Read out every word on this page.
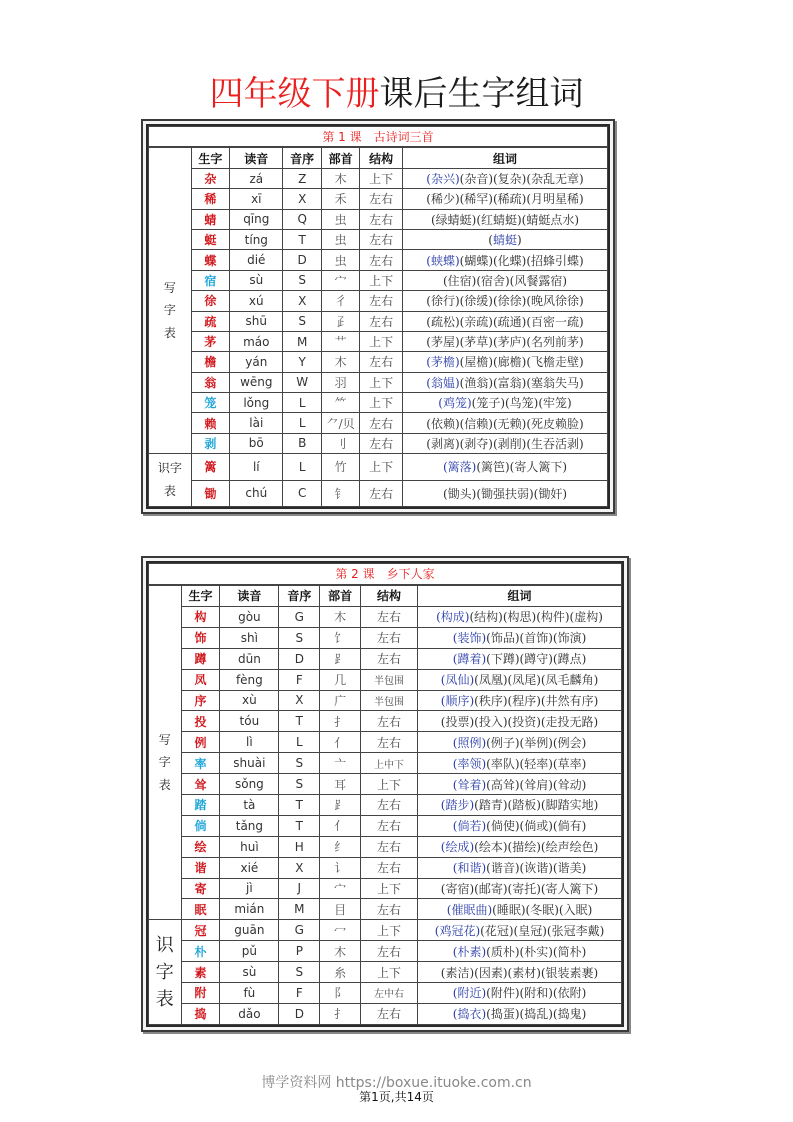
四年级下册课后生字组词
第 1 课　古诗词三首						
	生字	读音	音序	部首	结构	组词
写
字
表	杂	zá	Z	木	上下	(杂兴)(杂音)(复杂)(杂乱无章)
	稀	xī	X	禾	左右	(稀少)(稀罕)(稀疏)(月明星稀)
	蜻	qīng	Q	虫	左右	(绿蜻蜓)(红蜻蜓)(蜻蜓点水)
	蜓	tíng	T	虫	左右	(蜻蜓)
	蝶	dié	D	虫	左右	(蛱蝶)(蝴蝶)(化蝶)(招蜂引蝶)
	宿	sù	S	宀	上下	(住宿)(宿舍)(风餐露宿)
	徐	xú	X	彳	左右	(徐行)(徐缓)(徐徐)(晚风徐徐)
	疏	shū	S	𤴔	左右	(疏松)(亲疏)(疏通)(百密一疏)
	茅	máo	M	艹	上下	(茅屋)(茅草)(茅庐)(名列前茅)
	檐	yán	Y	木	左右	(茅檐)(屋檐)(廊檐)(飞檐走壁)
	翁	wēng	W	羽	上下	(翁媪)(渔翁)(富翁)(塞翁失马)
	笼	lǒng	L	⺮	上下	(鸡笼)(笼子)(鸟笼)(牢笼)
	赖	lài	L	⺈/贝	左右	(依赖)(信赖)(无赖)(死皮赖脸)
	剥	bō	B	刂	左右	(剥离)(剥夺)(剥削)(生吞活剥)
识字
表	篱	lí	L	竹	上下	(篱落)(篱笆)(寄人篱下)
	锄	chú	C	钅	左右	(锄头)(锄强扶弱)(锄奸)
第 2 课　乡下人家						
	生字	读音	音序	部首	结构	组词
写
字
表	构	gòu	G	木	左右	(构成)(结构)(构思)(构件)(虚构)
	饰	shì	S	饣	左右	(装饰)(饰品)(首饰)(饰演)
	蹲	dūn	D	⻊	左右	(蹲着)(下蹲)(蹲守)(蹲点)
	凤	fèng	F	几	半包围	(凤仙)(凤凰)(凤尾)(凤毛麟角)
	序	xù	X	广	半包围	(顺序)(秩序)(程序)(井然有序)
	投	tóu	T	扌	左右	(投票)(投入)(投资)(走投无路)
	例	lì	L	亻	左右	(照例)(例子)(举例)(例会)
	率	shuài	S	亠	上中下	(率领)(率队)(轻率)(草率)
	耸	sǒng	S	耳	上下	(耸着)(高耸)(耸肩)(耸动)
	踏	tà	T	⻊	左右	(踏步)(踏青)(踏板)(脚踏实地)
	倘	tǎng	T	亻	左右	(倘若)(倘使)(倘或)(倘有)
	绘	huì	H	纟	左右	(绘成)(绘本)(描绘)(绘声绘色)
	谐	xié	X	讠	左右	(和谐)(谐音)(诙谐)(谐美)
	寄	jì	J	宀	上下	(寄宿)(邮寄)(寄托)(寄人篱下)
	眠	mián	M	目	左右	(催眠曲)(睡眠)(冬眠)(入眠)
识
字
表	冠	guān	G	冖	上下	(鸡冠花)(花冠)(皇冠)(张冠李戴)
	朴	pǔ	P	木	左右	(朴素)(质朴)(朴实)(简朴)
	素	sù	S	糸	上下	(素洁)(因素)(素材)(银装素裹)
	附	fù	F	阝	左中右	(附近)(附件)(附和)(依附)
	捣	dǎo	D	扌	左右	(捣衣)(捣蛋)(捣乱)(捣鬼)
博学资料网 https://boxue.ituoke.com.cn
第1页,共14页
